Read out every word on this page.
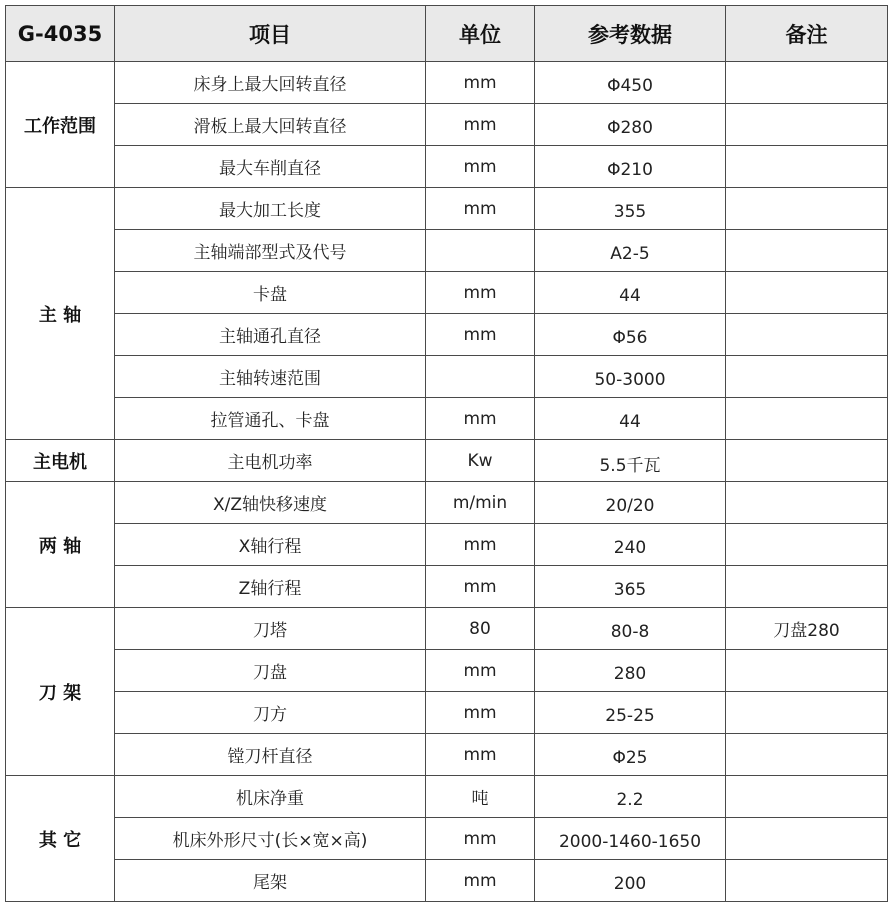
G-4035	项目	单位	参考数据	备注
工作范围	床身上最大回转直径	mm	Φ450	
	滑板上最大回转直径	mm	Φ280	
	最大车削直径	mm	Φ210	
主 轴	最大加工长度	mm	355	
	主轴端部型式及代号		A2-5	
	卡盘	mm	44	
	主轴通孔直径	mm	Φ56	
	主轴转速范围		50-3000	
	拉管通孔、卡盘	mm	44	
主电机	主电机功率	Kw	5.5千瓦	
两 轴	X/Z轴快移速度	m/min	20/20	
	X轴行程	mm	240	
	Z轴行程	mm	365	
刀 架	刀塔	80	80-8	刀盘280
	刀盘	mm	280	
	刀方	mm	25-25	
	镗刀杆直径	mm	Φ25	
其 它	机床净重	吨	2.2	
	机床外形尺寸(长×宽×高)	mm	2000-1460-1650	
	尾架	mm	200	
